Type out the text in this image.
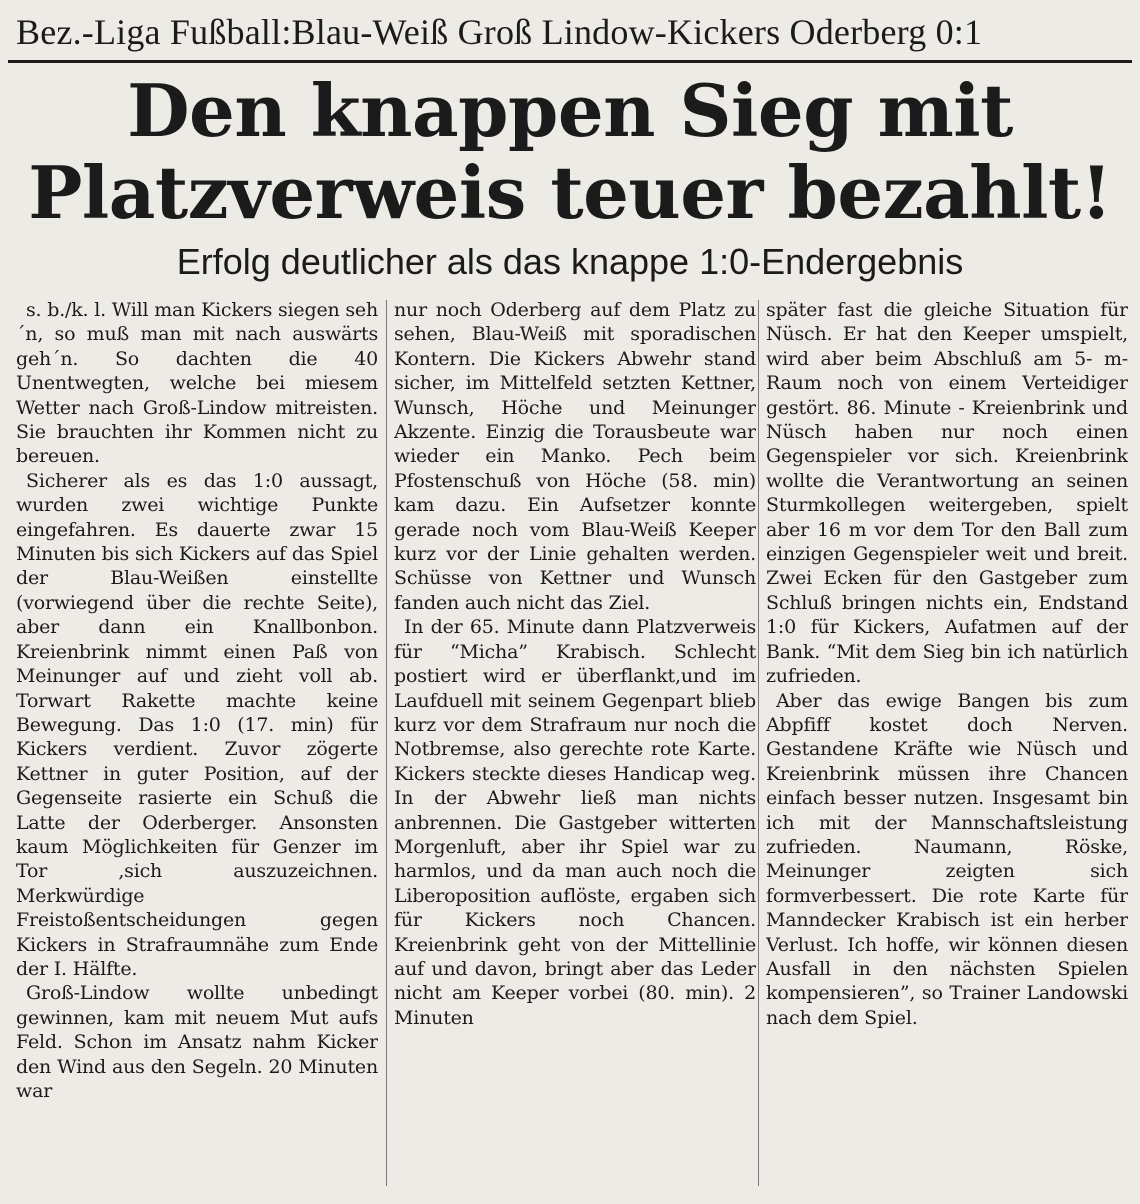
Bez.-Liga Fußball:Blau-Weiß Groß Lindow-Kickers Oderberg 0:1
Den knappen Sieg mit
Platzverweis teuer bezahlt!
Erfolg deutlicher als das knappe 1:0-Endergebnis

s. b./k. l. Will man Kickers siegen seh´n, so muß man mit nach auswärts geh´n. So dachten die 40 Unentwegten, welche bei miesem Wetter nach Groß-Lindow mitreisten. Sie brauchten ihr Kommen nicht zu bereuen.

Sicherer als es das 1:0 aussagt, wurden zwei wichtige Punkte eingefahren. Es dauerte zwar 15 Minuten bis sich Kickers auf das Spiel der Blau-Weißen einstellte (vorwiegend über die rechte Seite), aber dann ein Knallbonbon. Kreienbrink nimmt einen Paß von Meinunger auf und zieht voll ab. Torwart Rakette machte keine Bewegung. Das 1:0 (17. min) für Kickers verdient. Zuvor zögerte Kettner in guter Position, auf der Gegenseite rasierte ein Schuß die Latte der Oderberger. Ansonsten kaum Möglichkeiten für Genzer im Tor ,sich auszuzeichnen. Merkwürdige Freistoßentscheidungen gegen Kickers in Strafraumnähe zum Ende der I. Hälfte.

Groß-Lindow wollte unbedingt gewinnen, kam mit neuem Mut aufs Feld. Schon im Ansatz nahm Kicker den Wind aus den Segeln. 20 Minuten war

nur noch Oderberg auf dem Platz zu sehen, Blau-Weiß mit sporadischen Kontern. Die Kickers Abwehr stand sicher, im Mittelfeld setzten Kettner, Wunsch, Höche und Meinunger Akzente. Einzig die Torausbeute war wieder ein Manko. Pech beim Pfostenschuß von Höche (58. min) kam dazu. Ein Aufsetzer konnte gerade noch vom Blau-Weiß Keeper kurz vor der Linie gehalten werden. Schüsse von Kettner und Wunsch fanden auch nicht das Ziel.

In der 65. Minute dann Platzverweis für “Micha” Krabisch. Schlecht postiert wird er überflankt,und im Laufduell mit seinem Gegenpart blieb kurz vor dem Strafraum nur noch die Notbremse, also gerechte rote Karte. Kickers steckte dieses Handicap weg. In der Abwehr ließ man nichts anbrennen. Die Gastgeber witterten Morgenluft, aber ihr Spiel war zu harmlos, und da man auch noch die Liberoposition auflöste, ergaben sich für Kickers noch Chancen. Kreienbrink geht von der Mittellinie auf und davon, bringt aber das Leder nicht am Keeper vorbei (80. min). 2 Minuten

später fast die gleiche Situation für Nüsch. Er hat den Keeper umspielt, wird aber beim Abschluß am 5- m-Raum noch von einem Verteidiger gestört. 86. Minute - Kreienbrink und Nüsch haben nur noch einen Gegenspieler vor sich. Kreienbrink wollte die Verantwortung an seinen Sturmkollegen weitergeben, spielt aber 16 m vor dem Tor den Ball zum einzigen Gegenspieler weit und breit. Zwei Ecken für den Gastgeber zum Schluß bringen nichts ein, Endstand 1:0 für Kickers, Aufatmen auf der Bank. “Mit dem Sieg bin ich natürlich zufrieden.

Aber das ewige Bangen bis zum Abpfiff kostet doch Nerven. Gestandene Kräfte wie Nüsch und Kreienbrink müssen ihre Chancen einfach besser nutzen. Insgesamt bin ich mit der Mannschaftsleistung zufrieden. Naumann, Röske, Meinunger zeigten sich formverbessert. Die rote Karte für Manndecker Krabisch ist ein herber Verlust. Ich hoffe, wir können diesen Ausfall in den nächsten Spielen kompensieren”, so Trainer Landowski nach dem Spiel.
